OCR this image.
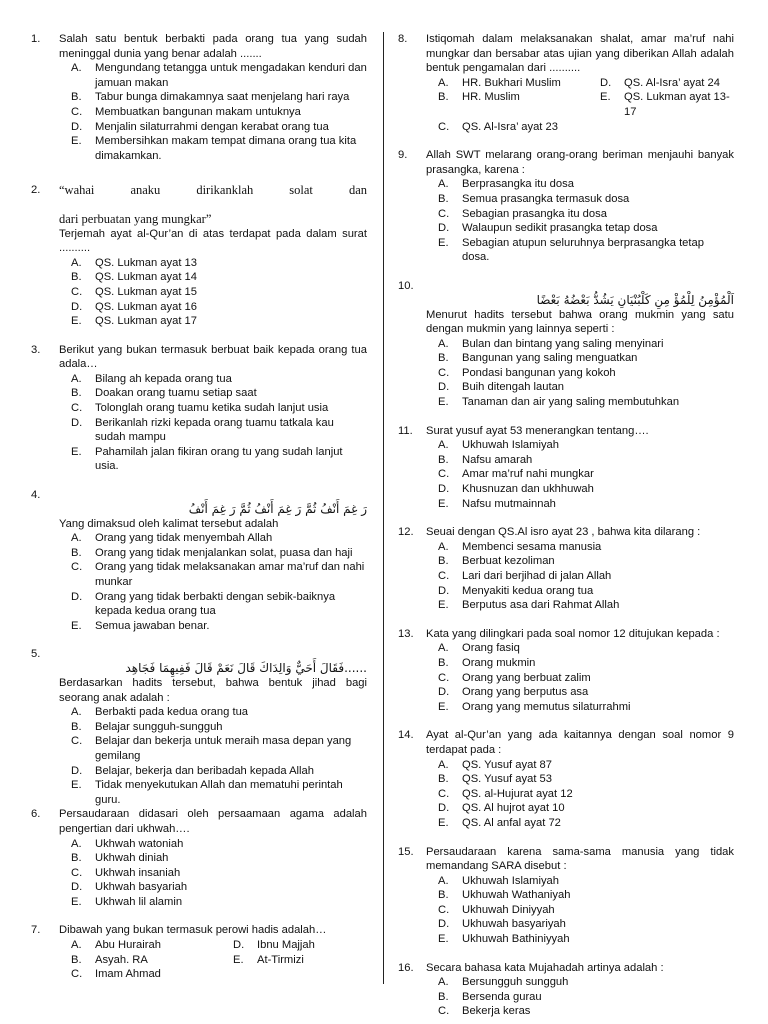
1.	Salah satu bentuk berbakti pada orang tua yang sudah meninggal dunia yang benar adalah .......
A. Mengundang tetangga untuk mengadakan kenduri dan jamuan makan
B. Tabur bunga dimakamnya saat menjelang hari raya
C. Membuatkan bangunan makam untuknya
D. Menjalin silaturrahmi dengan kerabat orang tua
E. Membersihkan makam tempat dimana orang tua kita dimakamkan.
2.	“wahai	anaku	dirikanklah	solat	dan
dari perbuatan yang mungkar”
Terjemah ayat al-Qur’an di atas terdapat pada dalam surat ..........
A. QS. Lukman ayat 13
B. QS. Lukman ayat 14
C. QS. Lukman ayat 15
D. QS. Lukman ayat 16
E. QS. Lukman ayat 17
3.	Berikut yang bukan termasuk berbuat baik kepada orang tua adala…
A. Bilang ah kepada orang tua
B. Doakan orang tuamu setiap saat
C. Tolonglah orang tuamu ketika sudah lanjut usia
D. Berikanlah rizki kepada orang tuamu tatkala kau sudah mampu
E. Pahamilah jalan fikiran orang tu yang sudah lanjut usia.
4.
رَ غِمَ أَنْفُ ثُمَّ رَ غِمَ أَنْفُ ثُمَّ رَ غِمَ أَنْفُ
Yang dimaksud oleh kalimat tersebut adalah
A. Orang yang tidak menyembah Allah
B. Orang yang tidak menjalankan solat, puasa dan haji
C. Orang yang tidak melaksanakan amar ma’ruf dan nahi munkar
D. Orang yang tidak berbakti dengan sebik-baiknya kepada kedua orang tua
E. Semua jawaban benar.
5.
......فَقَالَ أَحَيٌّ وَالِدَاكَ قَالَ نَعَمْ قَالَ فَفِيهِمَا فَجَاهِد
Berdasarkan hadits tersebut, bahwa bentuk jihad bagi seorang anak adalah :
A. Berbakti pada kedua orang tua
B. Belajar sungguh-sungguh
C. Belajar dan bekerja untuk meraih masa depan yang gemilang
D. Belajar, bekerja dan beribadah kepada Allah
E. Tidak menyekutukan Allah dan mematuhi perintah guru.
6.	Persaudaraan didasari oleh persaamaan agama adalah pengertian dari ukhwah….
A. Ukhwah watoniah
B. Ukhwah diniah
C. Ukhwah insaniah
D. Ukhwah basyariah
E. Ukhwah lil alamin
7.	Dibawah yang bukan termasuk perowi hadis adalah…
A. Abu Hurairah	D. Ibnu Majjah
B. Asyah. RA	E. At-Tirmizi
C. Imam Ahmad
8.	Istiqomah dalam melaksanakan shalat, amar ma’ruf nahi mungkar dan bersabar atas ujian yang diberikan Allah adalah bentuk pengamalan dari ..........
A. HR. Bukhari Muslim	D. QS. Al-Isra’ ayat 24
B. HR. Muslim	E. QS. Lukman ayat 13-17
C. QS. Al-Isra’ ayat 23
9.	Allah SWT melarang orang-orang beriman menjauhi banyak prasangka, karena :
A. Berprasangka itu dosa
B. Semua prasangka termasuk dosa
C. Sebagian prasangka itu dosa
D. Walaupun sedikit prasangka tetap dosa
E. Sebagian atupun seluruhnya berprasangka tetap dosa.
10.
اَلْمُؤْمِنُ لِلْمُؤْ مِنِ كَلْبُنْيَانِ يَشُدُّ بَعْضُهُ بَعْضًا
Menurut hadits tersebut bahwa orang mukmin yang satu dengan mukmin yang lainnya seperti :
A. Bulan dan bintang yang saling menyinari
B. Bangunan yang saling menguatkan
C. Pondasi bangunan yang kokoh
D. Buih ditengah lautan
E. Tanaman dan air yang saling membutuhkan
11.	Surat yusuf ayat 53 menerangkan tentang….
A. Ukhuwah Islamiyah
B. Nafsu amarah
C. Amar ma’ruf nahi mungkar
D. Khusnuzan dan ukhhuwah
E. Nafsu mutmainnah
12.	Seuai dengan QS.Al isro ayat 23 , bahwa kita dilarang :
A. Membenci sesama manusia
B. Berbuat kezoliman
C. Lari dari berjihad di jalan Allah
D. Menyakiti kedua orang tua
E. Berputus asa dari Rahmat Allah
13.	Kata yang dilingkari pada soal nomor 12 ditujukan kepada :
A. Orang fasiq
B. Orang mukmin
C. Orang yang berbuat zalim
D. Orang yang berputus asa
E. Orang yang memutus silaturrahmi
14.	Ayat al-Qur’an yang ada kaitannya dengan soal nomor 9 terdapat pada :
A. QS. Yusuf ayat 87
B. QS. Yusuf ayat 53
C. QS. al-Hujurat ayat 12
D. QS. Al hujrot ayat 10
E. QS. Al anfal ayat 72
15.	Persaudaraan karena sama-sama manusia yang tidak memandang SARA disebut :
A. Ukhuwah Islamiyah
B. Ukhuwah Wathaniyah
C. Ukhuwah Diniyyah
D. Ukhuwah basyariyah
E. Ukhuwah Bathiniyyah
16.	Secara bahasa kata Mujahadah artinya adalah :
A. Bersungguh sungguh
B. Bersenda gurau
C. Bekerja keras
